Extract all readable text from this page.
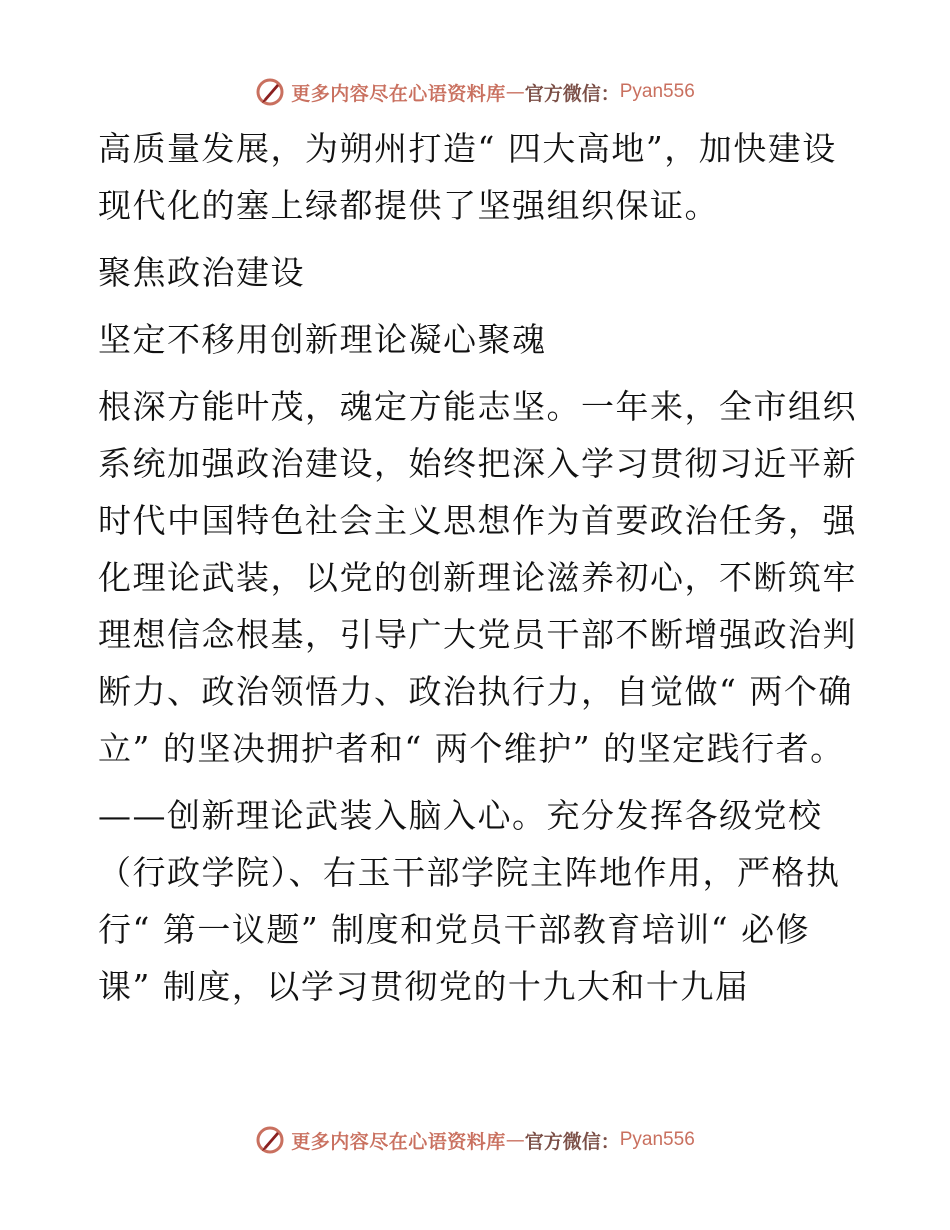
更多内容尽在心语资料库 — 官方微信： Pyan556

高质量发展，为朔州打造“ 四大高地”，加快建设现代化的塞上绿都提供了坚强组织保证。

聚焦政治建设

坚定不移用创新理论凝心聚魂

根深方能叶茂，魂定方能志坚。一年来，全市组织系统加强政治建设，始终把深入学习贯彻习近平新时代中国特色社会主义思想作为首要政治任务，强化理论武装，以党的创新理论滋养初心，不断筑牢理想信念根基，引导广大党员干部不断增强政治判断力、政治领悟力、政治执行力，自觉做“ 两个确立” 的坚决拥护者和“ 两个维护” 的坚定践行者。

——创新理论武装入脑入心。充分发挥各级党校（行政学院）、右玉干部学院主阵地作用，严格执行“ 第一议题” 制度和党员干部教育培训“ 必修课” 制度，以学习贯彻党的十九大和十九届

更多内容尽在心语资料库 — 官方微信： Pyan556
